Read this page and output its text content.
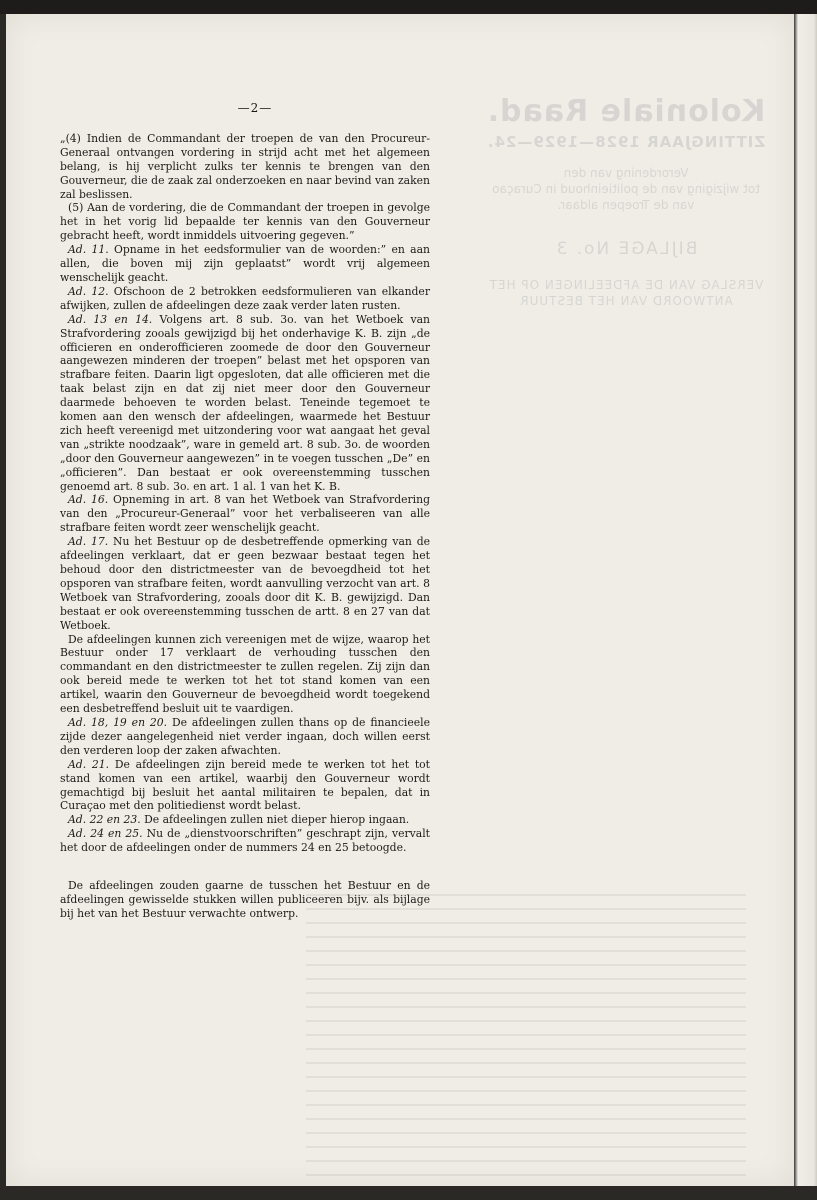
Koloniale Raad.
ZITTINGJAAR 1928—1929—24.
Verordening van den
tot wijziging van de politieinhoud in Curaçao
van de Troepen aldaar.
BIJLAGE No. 3
VERSLAG VAN DE AFDEELINGEN OP HET
ANTWOORD VAN HET BESTUUR
—2—

„(4) Indien de Commandant der troepen de van den Procureur-Generaal ontvangen vordering in strijd acht met het algemeen belang, is hij verplicht zulks ter kennis te brengen van den Gouverneur, die de zaak zal onderzoeken en naar bevind van zaken zal beslissen.

(5) Aan de vordering, die de Commandant der troepen in gevolge het in het vorig lid bepaalde ter kennis van den Gouverneur gebracht heeft, wordt inmiddels uitvoering gegeven.”

Ad. 11. Opname in het eedsformulier van de woorden:” en aan allen, die boven mij zijn geplaatst” wordt vrij algemeen wenschelijk geacht.

Ad. 12. Ofschoon de 2 betrokken eedsformulieren van elkander afwijken, zullen de afdeelingen deze zaak verder laten rusten.

Ad. 13 en 14. Volgens art. 8 sub. 3o. van het Wetboek van Strafvordering zooals gewijzigd bij het onderhavige K. B. zijn „de officieren en onderofficieren zoomede de door den Gouverneur aangewezen minderen der troepen” belast met het opsporen van strafbare feiten. Daarin ligt opgesloten, dat alle officieren met die taak belast zijn en dat zij niet meer door den Gouverneur daarmede behoeven te worden belast. Teneinde tegemoet te komen aan den wensch der afdeelingen, waarmede het Bestuur zich heeft vereenigd met uitzondering voor wat aangaat het geval van „strikte noodzaak”, ware in gemeld art. 8 sub. 3o. de woorden „door den Gouverneur aangewezen” in te voegen tusschen „De” en „officieren”. Dan bestaat er ook overeenstemming tusschen genoemd art. 8 sub. 3o. en art. 1 al. 1 van het K. B.

Ad. 16. Opneming in art. 8 van het Wetboek van Strafvordering van den „Procureur-Generaal” voor het verbaliseeren van alle strafbare feiten wordt zeer wenschelijk geacht.

Ad. 17. Nu het Bestuur op de desbetreffende opmerking van de afdeelingen verklaart, dat er geen bezwaar bestaat tegen het behoud door den districtmeester van de bevoegdheid tot het opsporen van strafbare feiten, wordt aanvulling verzocht van art. 8 Wetboek van Strafvordering, zooals door dit K. B. gewijzigd. Dan bestaat er ook overeenstemming tusschen de artt. 8 en 27 van dat Wetboek.

De afdeelingen kunnen zich vereenigen met de wijze, waarop het Bestuur onder 17 verklaart de verhouding tusschen den commandant en den districtmeester te zullen regelen. Zij zijn dan ook bereid mede te werken tot het tot stand komen van een artikel, waarin den Gouverneur de bevoegdheid wordt toegekend een desbetreffend besluit uit te vaardigen.

Ad. 18, 19 en 20. De afdeelingen zullen thans op de financieele zijde dezer aangelegenheid niet verder ingaan, doch willen eerst den verderen loop der zaken afwachten.

Ad. 21. De afdeelingen zijn bereid mede te werken tot het tot stand komen van een artikel, waarbij den Gouverneur wordt gemachtigd bij besluit het aantal militairen te bepalen, dat in Curaçao met den politiedienst wordt belast.

Ad. 22 en 23. De afdeelingen zullen niet dieper hierop ingaan.

Ad. 24 en 25. Nu de „dienstvoorschriften” geschrapt zijn, vervalt het door de afdeelingen onder de nummers 24 en 25 betoogde.

De afdeelingen zouden gaarne de tusschen het Bestuur en de afdeelingen gewisselde stukken willen publiceeren bijv. als bijlage bij het van het Bestuur verwachte ontwerp.
